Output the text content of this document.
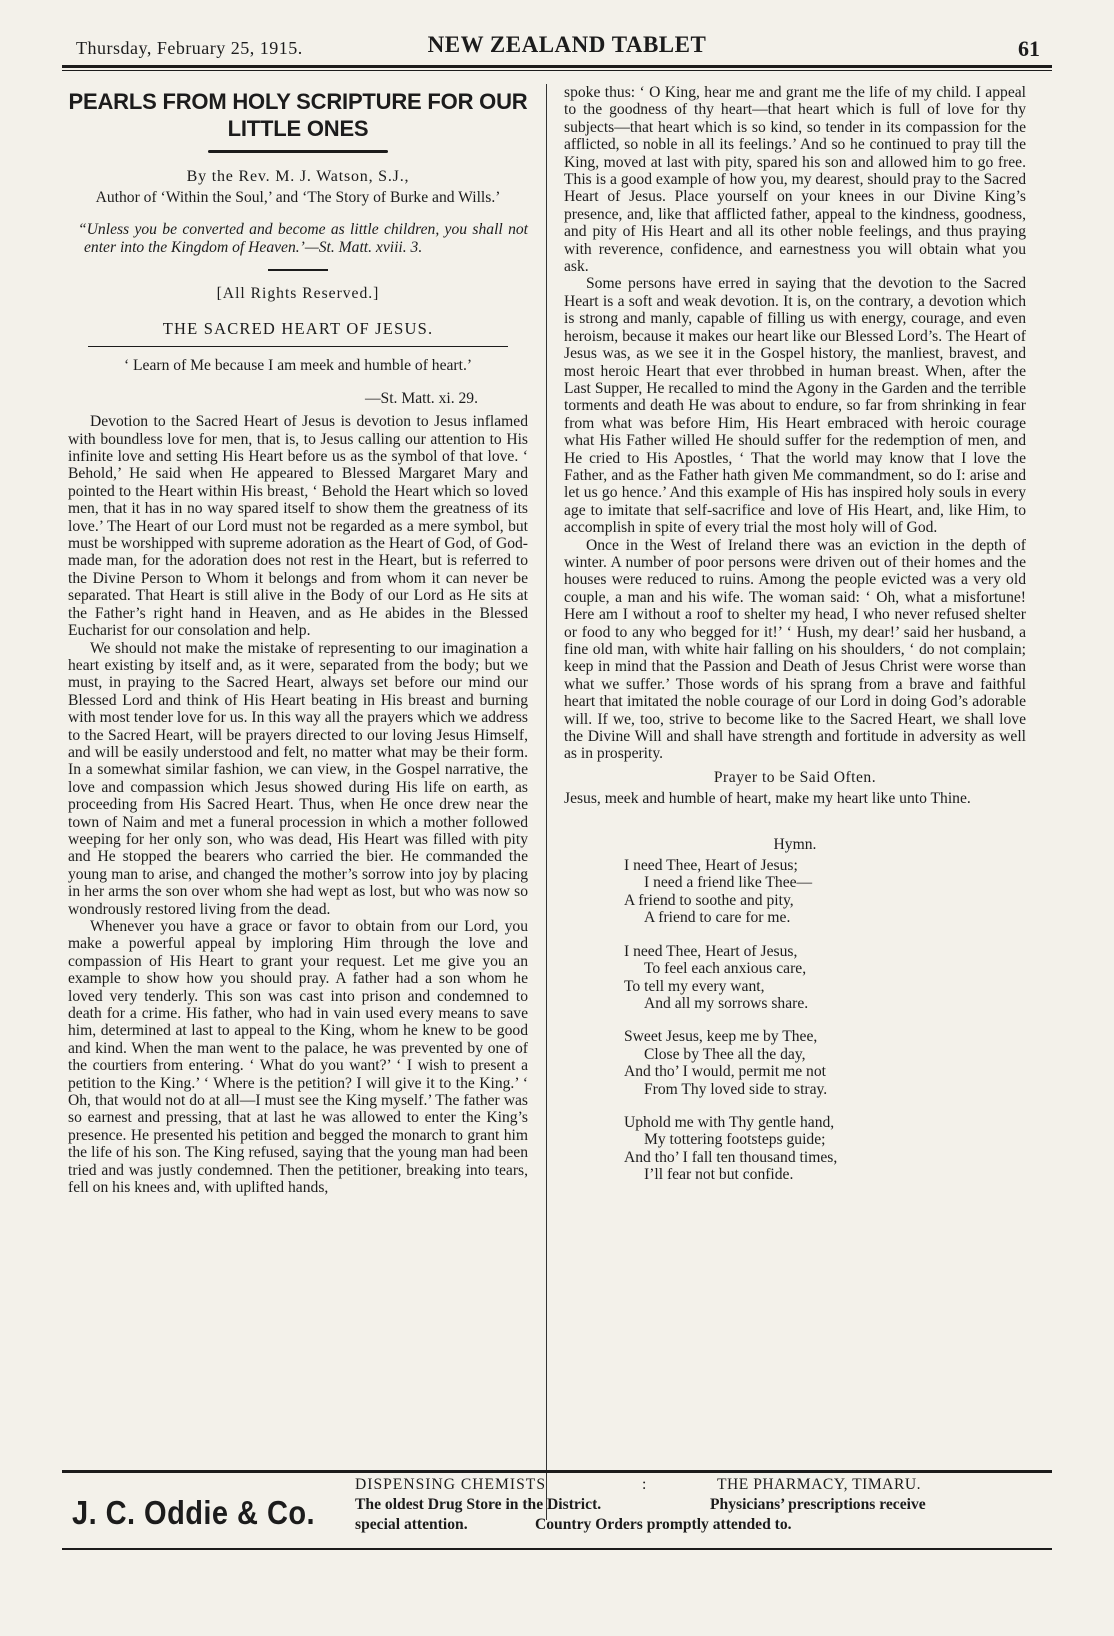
Thursday, February 25, 1915.	NEW ZEALAND TABLET	61
PEARLS FROM HOLY SCRIPTURE FOR OUR LITTLE ONES
By the Rev. M. J. Watson, S.J.,
Author of ‘Within the Soul,’ and ‘The Story of Burke and Wills.’

“Unless you be converted and become as little children, you shall not enter into the Kingdom of Heaven.’—St. Matt. xviii. 3.

[All Rights Reserved.]
THE SACRED HEART OF JESUS.

‘ Learn of Me because I am meek and humble of heart.’

—St. Matt. xi. 29.

Devotion to the Sacred Heart of Jesus is devotion to Jesus inflamed with boundless love for men, that is, to Jesus calling our attention to His infinite love and setting His Heart before us as the symbol of that love. ‘ Behold,’ He said when He appeared to Blessed Margaret Mary and pointed to the Heart within His breast, ‘ Behold the Heart which so loved men, that it has in no way spared itself to show them the greatness of its love.’ The Heart of our Lord must not be regarded as a mere symbol, but must be worshipped with supreme adoration as the Heart of God, of God-made man, for the adoration does not rest in the Heart, but is referred to the Divine Person to Whom it belongs and from whom it can never be separated. That Heart is still alive in the Body of our Lord as He sits at the Father’s right hand in Heaven, and as He abides in the Blessed Eucharist for our consolation and help.

We should not make the mistake of representing to our imagination a heart existing by itself and, as it were, separated from the body; but we must, in praying to the Sacred Heart, always set before our mind our Blessed Lord and think of His Heart beating in His breast and burning with most tender love for us. In this way all the prayers which we address to the Sacred Heart, will be prayers directed to our loving Jesus Himself, and will be easily understood and felt, no matter what may be their form. In a somewhat similar fashion, we can view, in the Gospel narrative, the love and compassion which Jesus showed during His life on earth, as proceeding from His Sacred Heart. Thus, when He once drew near the town of Naim and met a funeral procession in which a mother followed weeping for her only son, who was dead, His Heart was filled with pity and He stopped the bearers who carried the bier. He commanded the young man to arise, and changed the mother’s sorrow into joy by placing in her arms the son over whom she had wept as lost, but who was now so wondrously restored living from the dead.

Whenever you have a grace or favor to obtain from our Lord, you make a powerful appeal by imploring Him through the love and compassion of His Heart to grant your request. Let me give you an example to show how you should pray. A father had a son whom he loved very tenderly. This son was cast into prison and condemned to death for a crime. His father, who had in vain used every means to save him, determined at last to appeal to the King, whom he knew to be good and kind. When the man went to the palace, he was prevented by one of the courtiers from entering. ‘ What do you want?’ ‘ I wish to present a petition to the King.’ ‘ Where is the petition? I will give it to the King.’ ‘ Oh, that would not do at all—I must see the King myself.’ The father was so earnest and pressing, that at last he was allowed to enter the King’s presence. He presented his petition and begged the monarch to grant him the life of his son. The King refused, saying that the young man had been tried and was justly condemned. Then the petitioner, breaking into tears, fell on his knees and, with uplifted hands,

spoke thus: ‘ O King, hear me and grant me the life of my child. I appeal to the goodness of thy heart—that heart which is full of love for thy subjects—that heart which is so kind, so tender in its compassion for the afflicted, so noble in all its feelings.’ And so he continued to pray till the King, moved at last with pity, spared his son and allowed him to go free. This is a good example of how you, my dearest, should pray to the Sacred Heart of Jesus. Place yourself on your knees in our Divine King’s presence, and, like that afflicted father, appeal to the kindness, goodness, and pity of His Heart and all its other noble feelings, and thus praying with reverence, confidence, and earnestness you will obtain what you ask.

Some persons have erred in saying that the devotion to the Sacred Heart is a soft and weak devotion. It is, on the contrary, a devotion which is strong and manly, capable of filling us with energy, courage, and even heroism, because it makes our heart like our Blessed Lord’s. The Heart of Jesus was, as we see it in the Gospel history, the manliest, bravest, and most heroic Heart that ever throbbed in human breast. When, after the Last Supper, He recalled to mind the Agony in the Garden and the terrible torments and death He was about to endure, so far from shrinking in fear from what was before Him, His Heart embraced with heroic courage what His Father willed He should suffer for the redemption of men, and He cried to His Apostles, ‘ That the world may know that I love the Father, and as the Father hath given Me commandment, so do I: arise and let us go hence.’ And this example of His has inspired holy souls in every age to imitate that self-sacrifice and love of His Heart, and, like Him, to accomplish in spite of every trial the most holy will of God.

Once in the West of Ireland there was an eviction in the depth of winter. A number of poor persons were driven out of their homes and the houses were reduced to ruins. Among the people evicted was a very old couple, a man and his wife. The woman said: ‘ Oh, what a misfortune! Here am I without a roof to shelter my head, I who never refused shelter or food to any who begged for it!’ ‘ Hush, my dear!’ said her husband, a fine old man, with white hair falling on his shoulders, ‘ do not complain; keep in mind that the Passion and Death of Jesus Christ were worse than what we suffer.’ Those words of his sprang from a brave and faithful heart that imitated the noble courage of our Lord in doing God’s adorable will. If we, too, strive to become like to the Sacred Heart, we shall love the Divine Will and shall have strength and fortitude in adversity as well as in prosperity.

Prayer to be Said Often.

Jesus, meek and humble of heart, make my heart like unto Thine.

Hymn.
I need Thee, Heart of Jesus;
I need a friend like Thee—
A friend to soothe and pity,
A friend to care for me.
I need Thee, Heart of Jesus,
To feel each anxious care,
To tell my every want,
And all my sorrows share.
Sweet Jesus, keep me by Thee,
Close by Thee all the day,
And tho’ I would, permit me not
From Thy loved side to stray.
Uphold me with Thy gentle hand,
My tottering footsteps guide;
And tho’ I fall ten thousand times,
I’ll fear not but confide.
J. C. Oddie & Co.
DISPENSING CHEMISTS	:	THE PHARMACY, TIMARU.
The oldest Drug Store in the District.	Physicians’ prescriptions receive
special attention.	Country Orders promptly attended to.
